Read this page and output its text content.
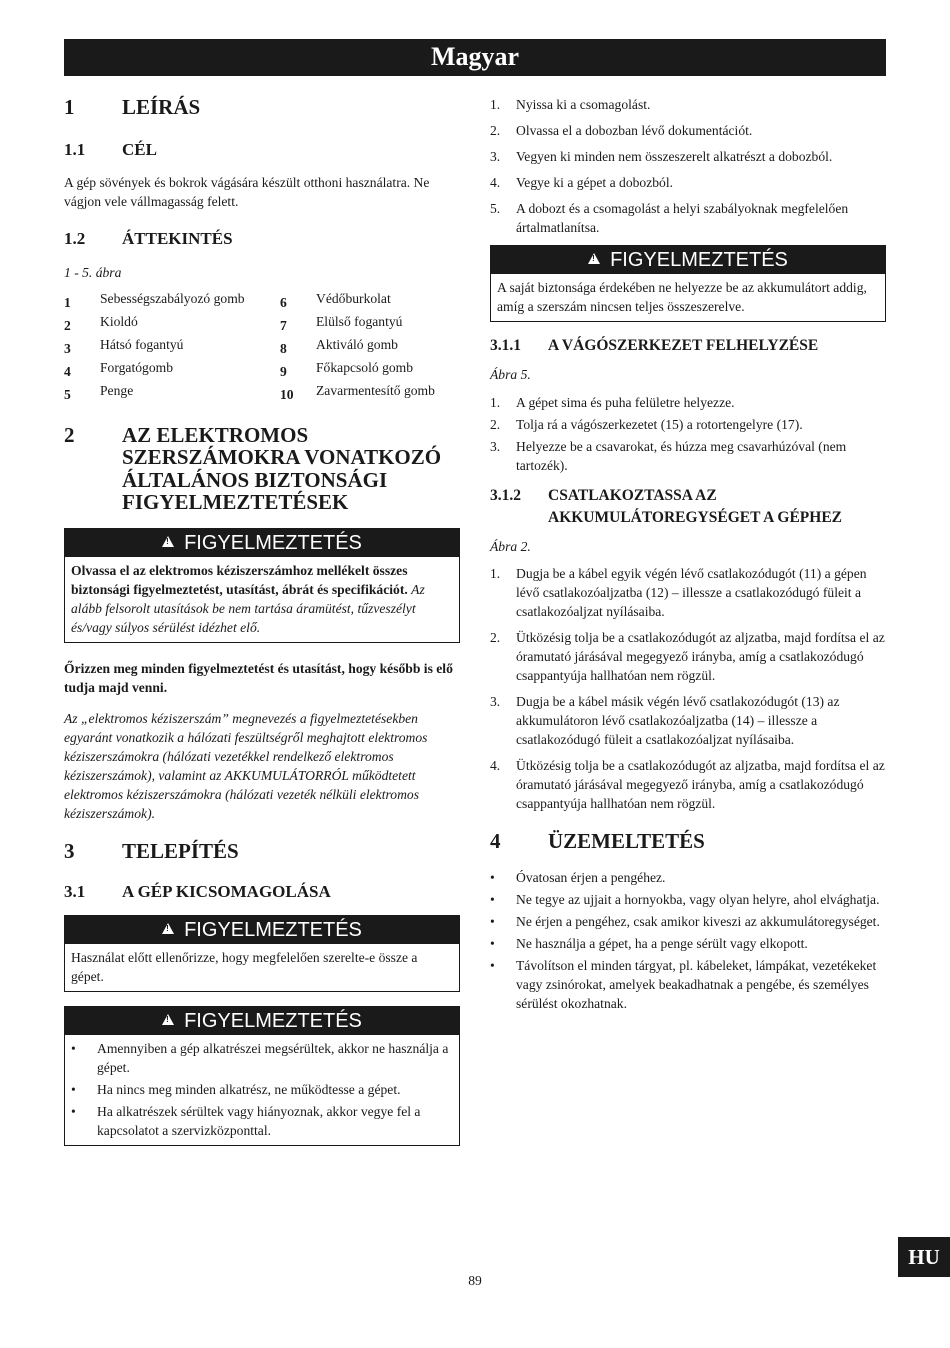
Magyar
1	LEÍRÁS
1.1	CÉL

A gép sövények és bokrok vágására készült otthoni használatra. Ne vágjon vele vállmagasság felett.

1.2	ÁTTEKINTÉS

1 - 5. ábra

1	Sebességszabályozó gomb
2	Kioldó
3	Hátsó fogantyú
4	Forgatógomb
5	Penge
6	Védőburkolat
7	Elülső fogantyú
8	Aktiváló gomb
9	Főkapcsoló gomb
10	Zavarmentesítő gomb
2	AZ ELEKTROMOS SZERSZÁMOKRA VONATKOZÓ ÁLTALÁNOS BIZTONSÁGI FIGYELMEZTETÉSEK
!FIGYELMEZTETÉS
Olvassa el az elektromos kéziszerszámhoz mellékelt összes biztonsági figyelmeztetést, utasítást, ábrát és specifikációt. Az alább felsorolt utasítások be nem tartása áramütést, tűzveszélyt és/vagy súlyos sérülést idézhet elő.

Őrizzen meg minden figyelmeztetést és utasítást, hogy később is elő tudja majd venni.

Az „elektromos kéziszerszám” megnevezés a figyelmeztetésekben egyaránt vonatkozik a hálózati feszültségről meghajtott elektromos kéziszerszámokra (hálózati vezetékkel rendelkező elektromos kéziszerszámok), valamint az AKKUMULÁTORRÓL működtetett elektromos kéziszerszámokra (hálózati vezeték nélküli elektromos kéziszerszámok).

3	TELEPÍTÉS
3.1	A GÉP KICSOMAGOLÁSA
!FIGYELMEZTETÉS
Használat előtt ellenőrizze, hogy megfelelően szerelte-e össze a gépet.
!FIGYELMEZTETÉS
•	Amennyiben a gép alkatrészei megsérültek, akkor ne használja a gépet.
•	Ha nincs meg minden alkatrész, ne működtesse a gépet.
•	Ha alkatrészek sérültek vagy hiányoznak, akkor vegye fel a kapcsolatot a szervizközponttal.
1.	Nyissa ki a csomagolást.
2.	Olvassa el a dobozban lévő dokumentációt.
3.	Vegyen ki minden nem összeszerelt alkatrészt a dobozból.
4.	Vegye ki a gépet a dobozból.
5.	A dobozt és a csomagolást a helyi szabályoknak megfelelően ártalmatlanítsa.
!FIGYELMEZTETÉS
A saját biztonsága érdekében ne helyezze be az akkumulátort addig, amíg a szerszám nincsen teljes összeszerelve.
3.1.1	A VÁGÓSZERKEZET FELHELYZÉSE

Ábra 5.

1.	A gépet sima és puha felületre helyezze.
2.	Tolja rá a vágószerkezetet (15) a rotortengelyre (17).
3.	Helyezze be a csavarokat, és húzza meg csavarhúzóval (nem tartozék).
3.1.2	CSATLAKOZTASSA AZ AKKUMULÁTOREGYSÉGET A GÉPHEZ

Ábra 2.

1.	Dugja be a kábel egyik végén lévő csatlakozódugót (11) a gépen lévő csatlakozóaljzatba (12) – illessze a csatlakozódugó füleit a csatlakozóaljzat nyílásaiba.
2.	Ütközésig tolja be a csatlakozódugót az aljzatba, majd fordítsa el az óramutató járásával megegyező irányba, amíg a csatlakozódugó csappantyúja hallhatóan nem rögzül.
3.	Dugja be a kábel másik végén lévő csatlakozódugót (13) az akkumulátoron lévő csatlakozóaljzatba (14) – illessze a csatlakozódugó füleit a csatlakozóaljzat nyílásaiba.
4.	Ütközésig tolja be a csatlakozódugót az aljzatba, majd fordítsa el az óramutató járásával megegyező irányba, amíg a csatlakozódugó csappantyúja hallhatóan nem rögzül.
4	ÜZEMELTETÉS
•	Óvatosan érjen a pengéhez.
•	Ne tegye az ujjait a hornyokba, vagy olyan helyre, ahol elvághatja.
•	Ne érjen a pengéhez, csak amikor kiveszi az akkumulátoregységet.
•	Ne használja a gépet, ha a penge sérült vagy elkopott.
•	Távolítson el minden tárgyat, pl. kábeleket, lámpákat, vezetékeket vagy zsinórokat, amelyek beakadhatnak a pengébe, és személyes sérülést okozhatnak.
HU
89
